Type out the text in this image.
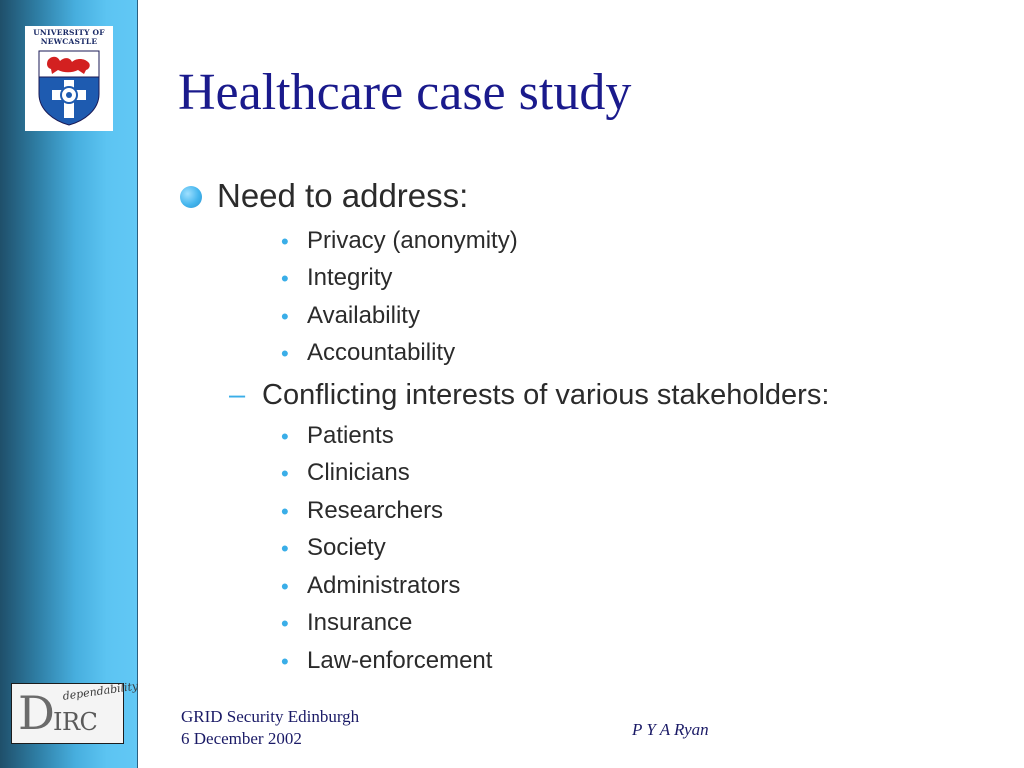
UNIVERSITY OF
NEWCASTLE
D
IRC
dependability
Healthcare case study
Need to address:
• Privacy (anonymity)
• Integrity
• Availability
• Accountability
– Conflicting interests of various stakeholders:
• Patients
• Clinicians
• Researchers
• Society
• Administrators
• Insurance
• Law-enforcement
GRID Security Edinburgh
6 December 2002	P Y A Ryan
